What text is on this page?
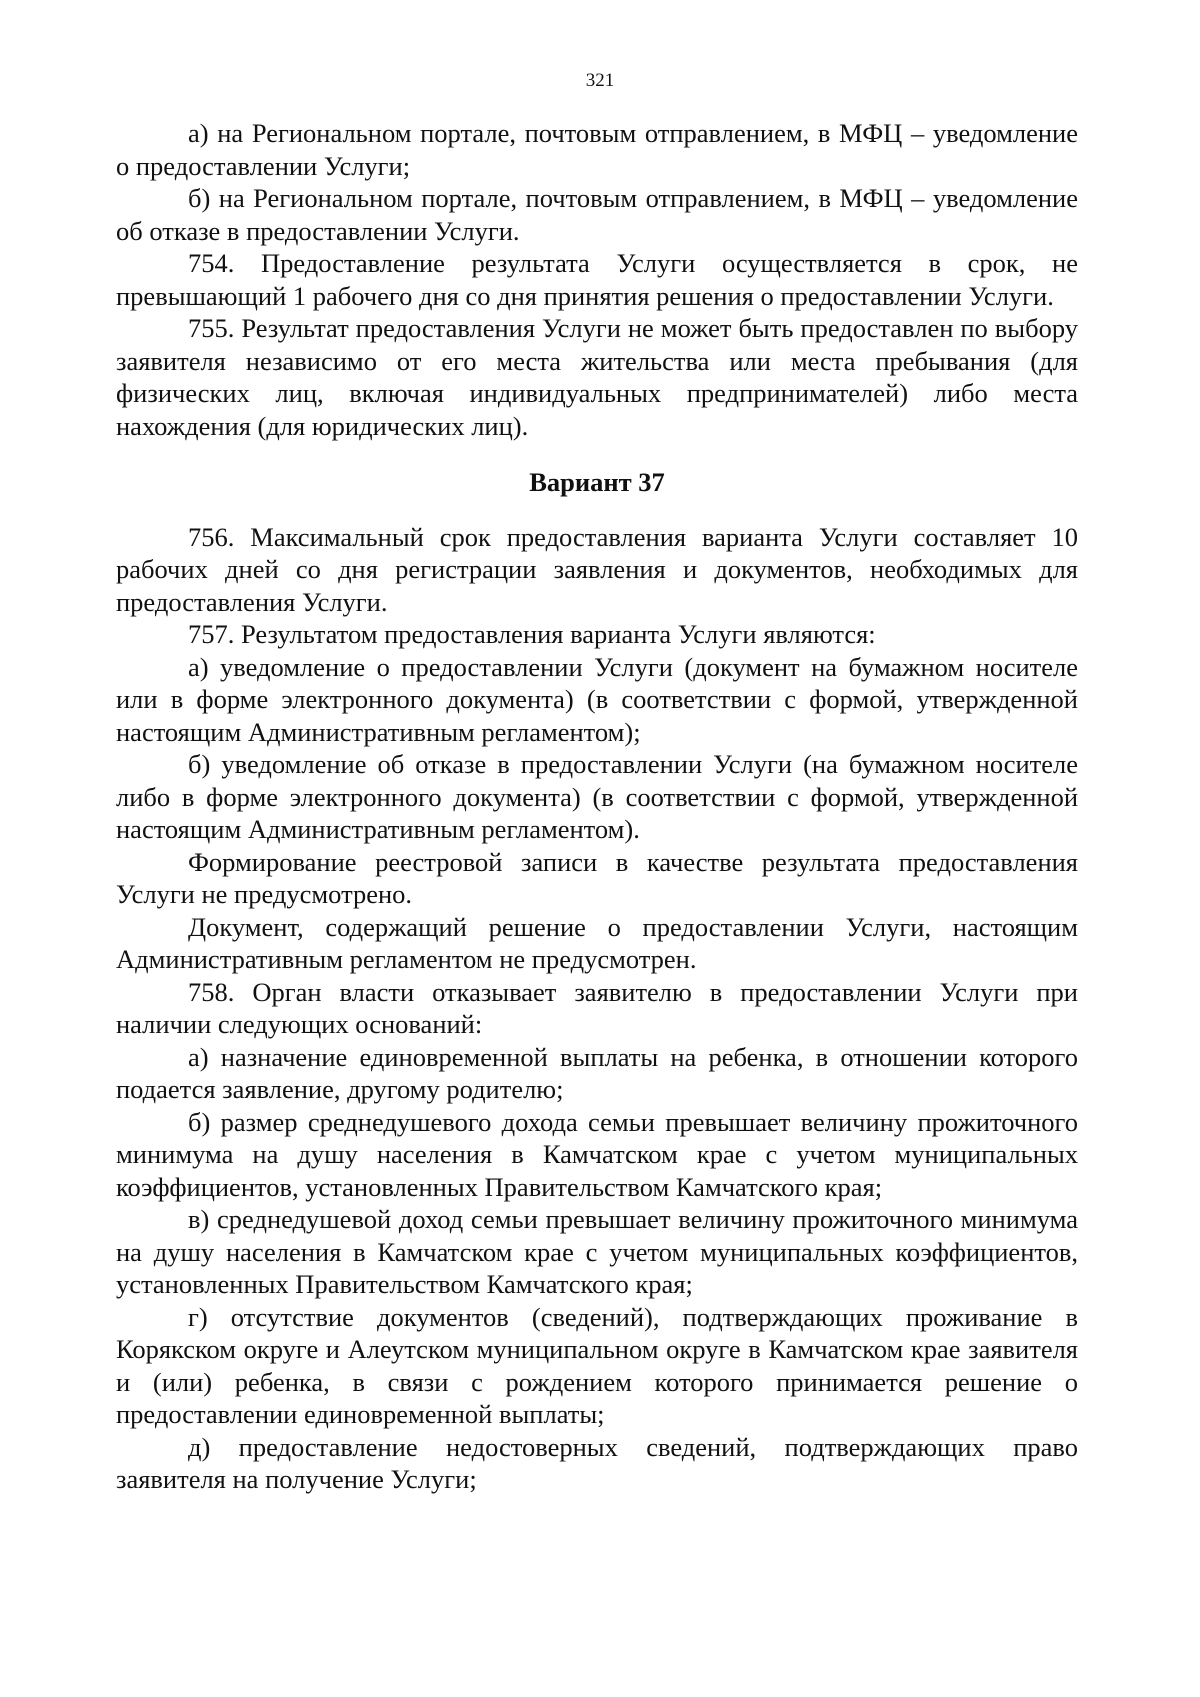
321

а) на Региональном портале, почтовым отправлением, в МФЦ – уведомление о предоставлении Услуги;

б) на Региональном портале, почтовым отправлением, в МФЦ – уведомление об отказе в предоставлении Услуги.

754. Предоставление результата Услуги осуществляется в срок, не превышающий 1 рабочего дня со дня принятия решения о предоставлении Услуги.

755. Результат предоставления Услуги не может быть предоставлен по выбору заявителя независимо от его места жительства или места пребывания (для физических лиц, включая индивидуальных предпринимателей) либо места нахождения (для юридических лиц).

Вариант 37

756. Максимальный срок предоставления варианта Услуги составляет 10 рабочих дней со дня регистрации заявления и документов, необходимых для предоставления Услуги.

757. Результатом предоставления варианта Услуги являются:

а) уведомление о предоставлении Услуги (документ на бумажном носителе или в форме электронного документа) (в соответствии с формой, утвержденной настоящим Административным регламентом);

б) уведомление об отказе в предоставлении Услуги (на бумажном носителе либо в форме электронного документа) (в соответствии с формой, утвержденной настоящим Административным регламентом).

Формирование реестровой записи в качестве результата предоставления Услуги не предусмотрено.

Документ, содержащий решение о предоставлении Услуги, настоящим Административным регламентом не предусмотрен.

758. Орган власти отказывает заявителю в предоставлении Услуги при наличии следующих оснований:

а) назначение единовременной выплаты на ребенка, в отношении которого подается заявление, другому родителю;

б) размер среднедушевого дохода семьи превышает величину прожиточного минимума на душу населения в Камчатском крае с учетом муниципальных коэффициентов, установленных Правительством Камчатского края;

в) среднедушевой доход семьи превышает величину прожиточного минимума на душу населения в Камчатском крае с учетом муниципальных коэффициентов, установленных Правительством Камчатского края;

г) отсутствие документов (сведений), подтверждающих проживание в Корякском округе и Алеутском муниципальном округе в Камчатском крае заявителя и (или) ребенка, в связи с рождением которого принимается решение о предоставлении единовременной выплаты;

д) предоставление недостоверных сведений, подтверждающих право заявителя на получение Услуги;
